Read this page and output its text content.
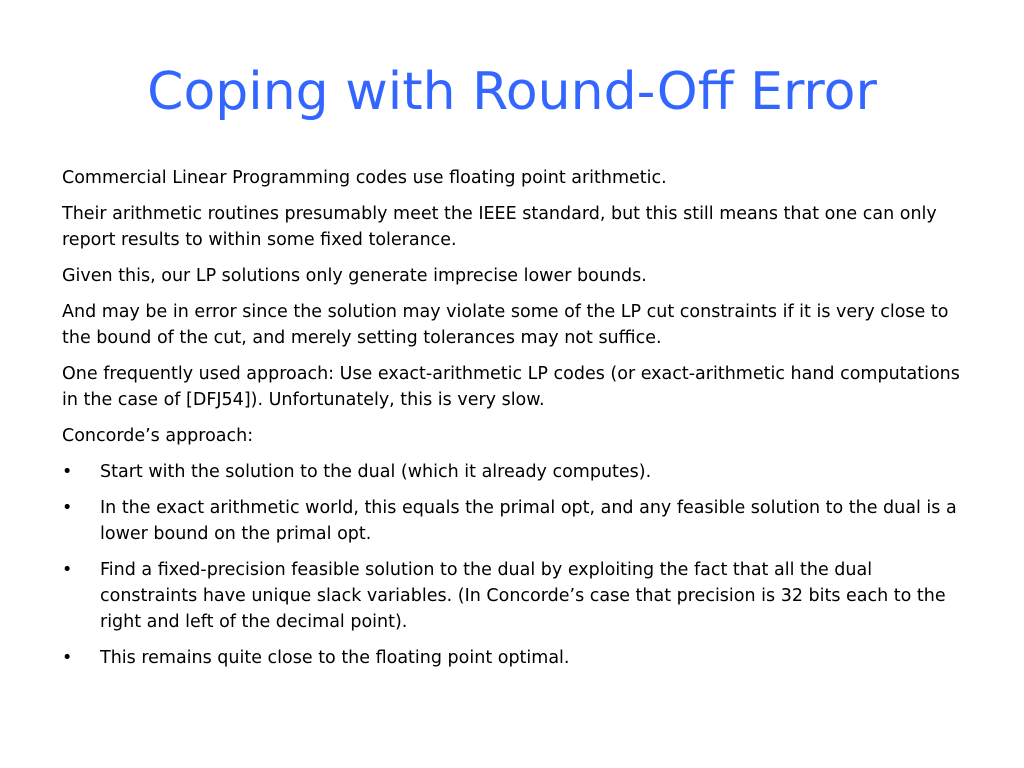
Coping with Round-Off Error

Commercial Linear Programming codes use floating point arithmetic.

Their arithmetic routines presumably meet the IEEE standard, but this still means that one can only report results to within some fixed tolerance.

Given this, our LP solutions only generate imprecise lower bounds.

And may be in error since the solution may violate some of the LP cut constraints if it is very close to the bound of the cut, and merely setting tolerances may not suffice.

One frequently used approach: Use exact-arithmetic LP codes (or exact-arithmetic hand computations in the case of [DFJ54]). Unfortunately, this is very slow.

Concorde’s approach:

•	Start with the solution to the dual (which it already computes).
•	In the exact arithmetic world, this equals the primal opt, and any feasible solution to the dual is a lower bound on the primal opt.
•	Find a fixed-precision feasible solution to the dual by exploiting the fact that all the dual constraints have unique slack variables. (In Concorde’s case that precision is 32 bits each to the right and left of the decimal point).
•	This remains quite close to the floating point optimal.
